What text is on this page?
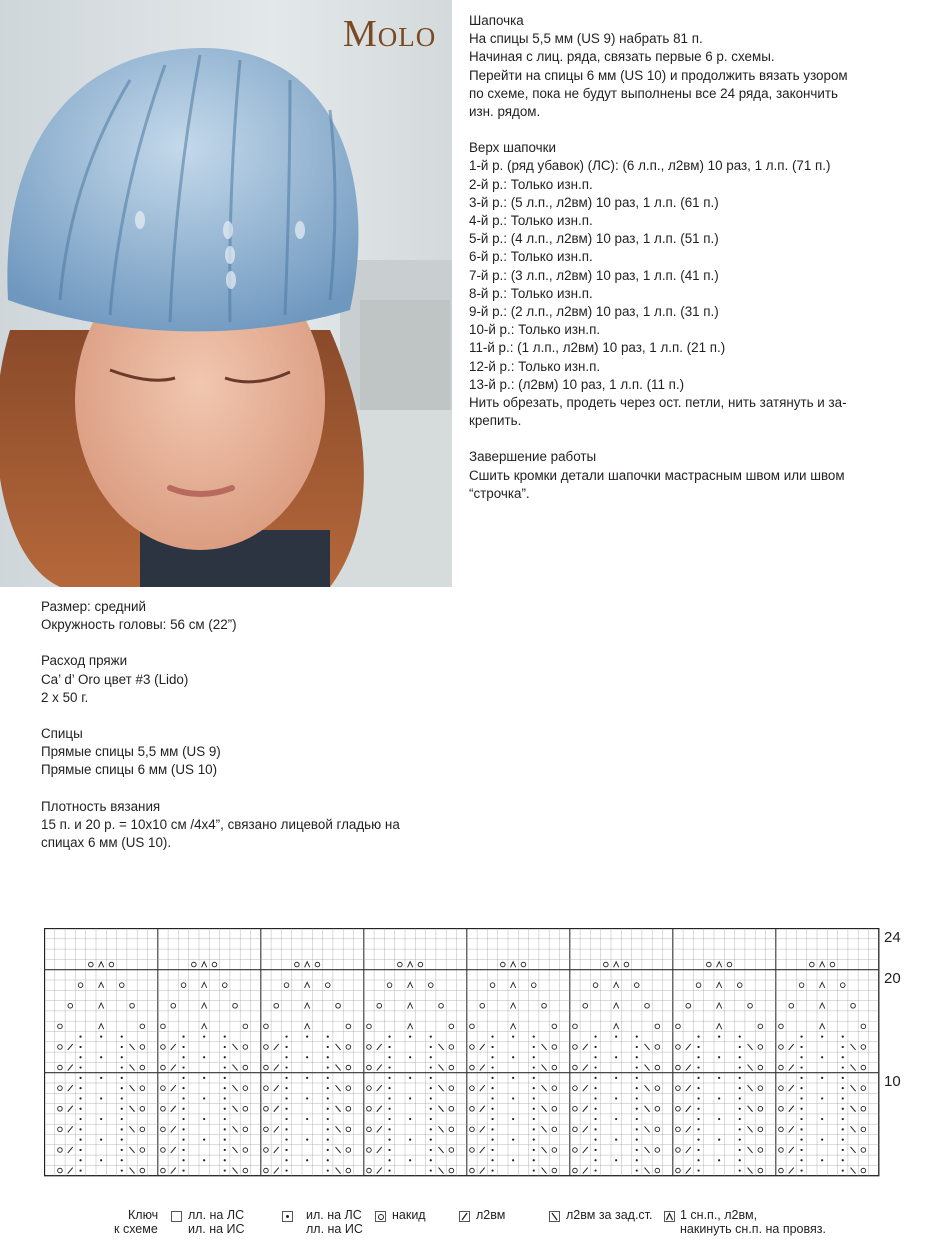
Molo Шапочка

На спицы 5,5 мм (US 9) набрать 81 п.

Начиная с лиц. ряда, связать первые 6 р. схемы.

Перейти на спицы 6 мм (US 10) и продолжить вязать узором

по схеме, пока не будут выполнены все 24 ряда, закончить

изн. рядом.

Верх шапочки

1-й р. (ряд убавок) (ЛС): (6 л.п., л2вм) 10 раз, 1 л.п. (71 п.)

2-й р.: Только изн.п.

3-й р.: (5 л.п., л2вм) 10 раз, 1 л.п. (61 п.)

4-й р.: Только изн.п.

5-й р.: (4 л.п., л2вм) 10 раз, 1 л.п. (51 п.)

6-й р.: Только изн.п.

7-й р.: (3 л.п., л2вм) 10 раз, 1 л.п. (41 п.)

8-й р.: Только изн.п.

9-й р.: (2 л.п., л2вм) 10 раз, 1 л.п. (31 п.)

10-й р.: Только изн.п.

11-й р.: (1 л.п., л2вм) 10 раз, 1 л.п. (21 п.)

12-й р.: Только изн.п.

13-й р.: (л2вм) 10 раз, 1 л.п. (11 п.)

Нить обрезать, продеть через ост. петли, нить затянуть и за-

крепить.

Завершение работы

Сшить кромки детали шапочки мастрасным швом или швом

“строчка”.

Размер: средний

Окружность головы: 56 см (22”)

Расход пряжи

Ca’ d’ Oro цвет #3 (Lido)

2 х 50 г.

Спицы

Прямые спицы 5,5 мм (US 9)

Прямые спицы 6 мм (US 10)

Плотность вязания

15 п. и 20 р. = 10х10 см /4х4”, связано лицевой гладью на

спицах 6 мм (US 10).

24
20
10
Ключ
к схеме
лл. на ЛС
ил. на ИС
ил. на ЛС
лл. на ИС
накид	л2вм	л2вм за зад.ст. 1 сн.п., л2вм,
накинуть сн.п. на провяз.
